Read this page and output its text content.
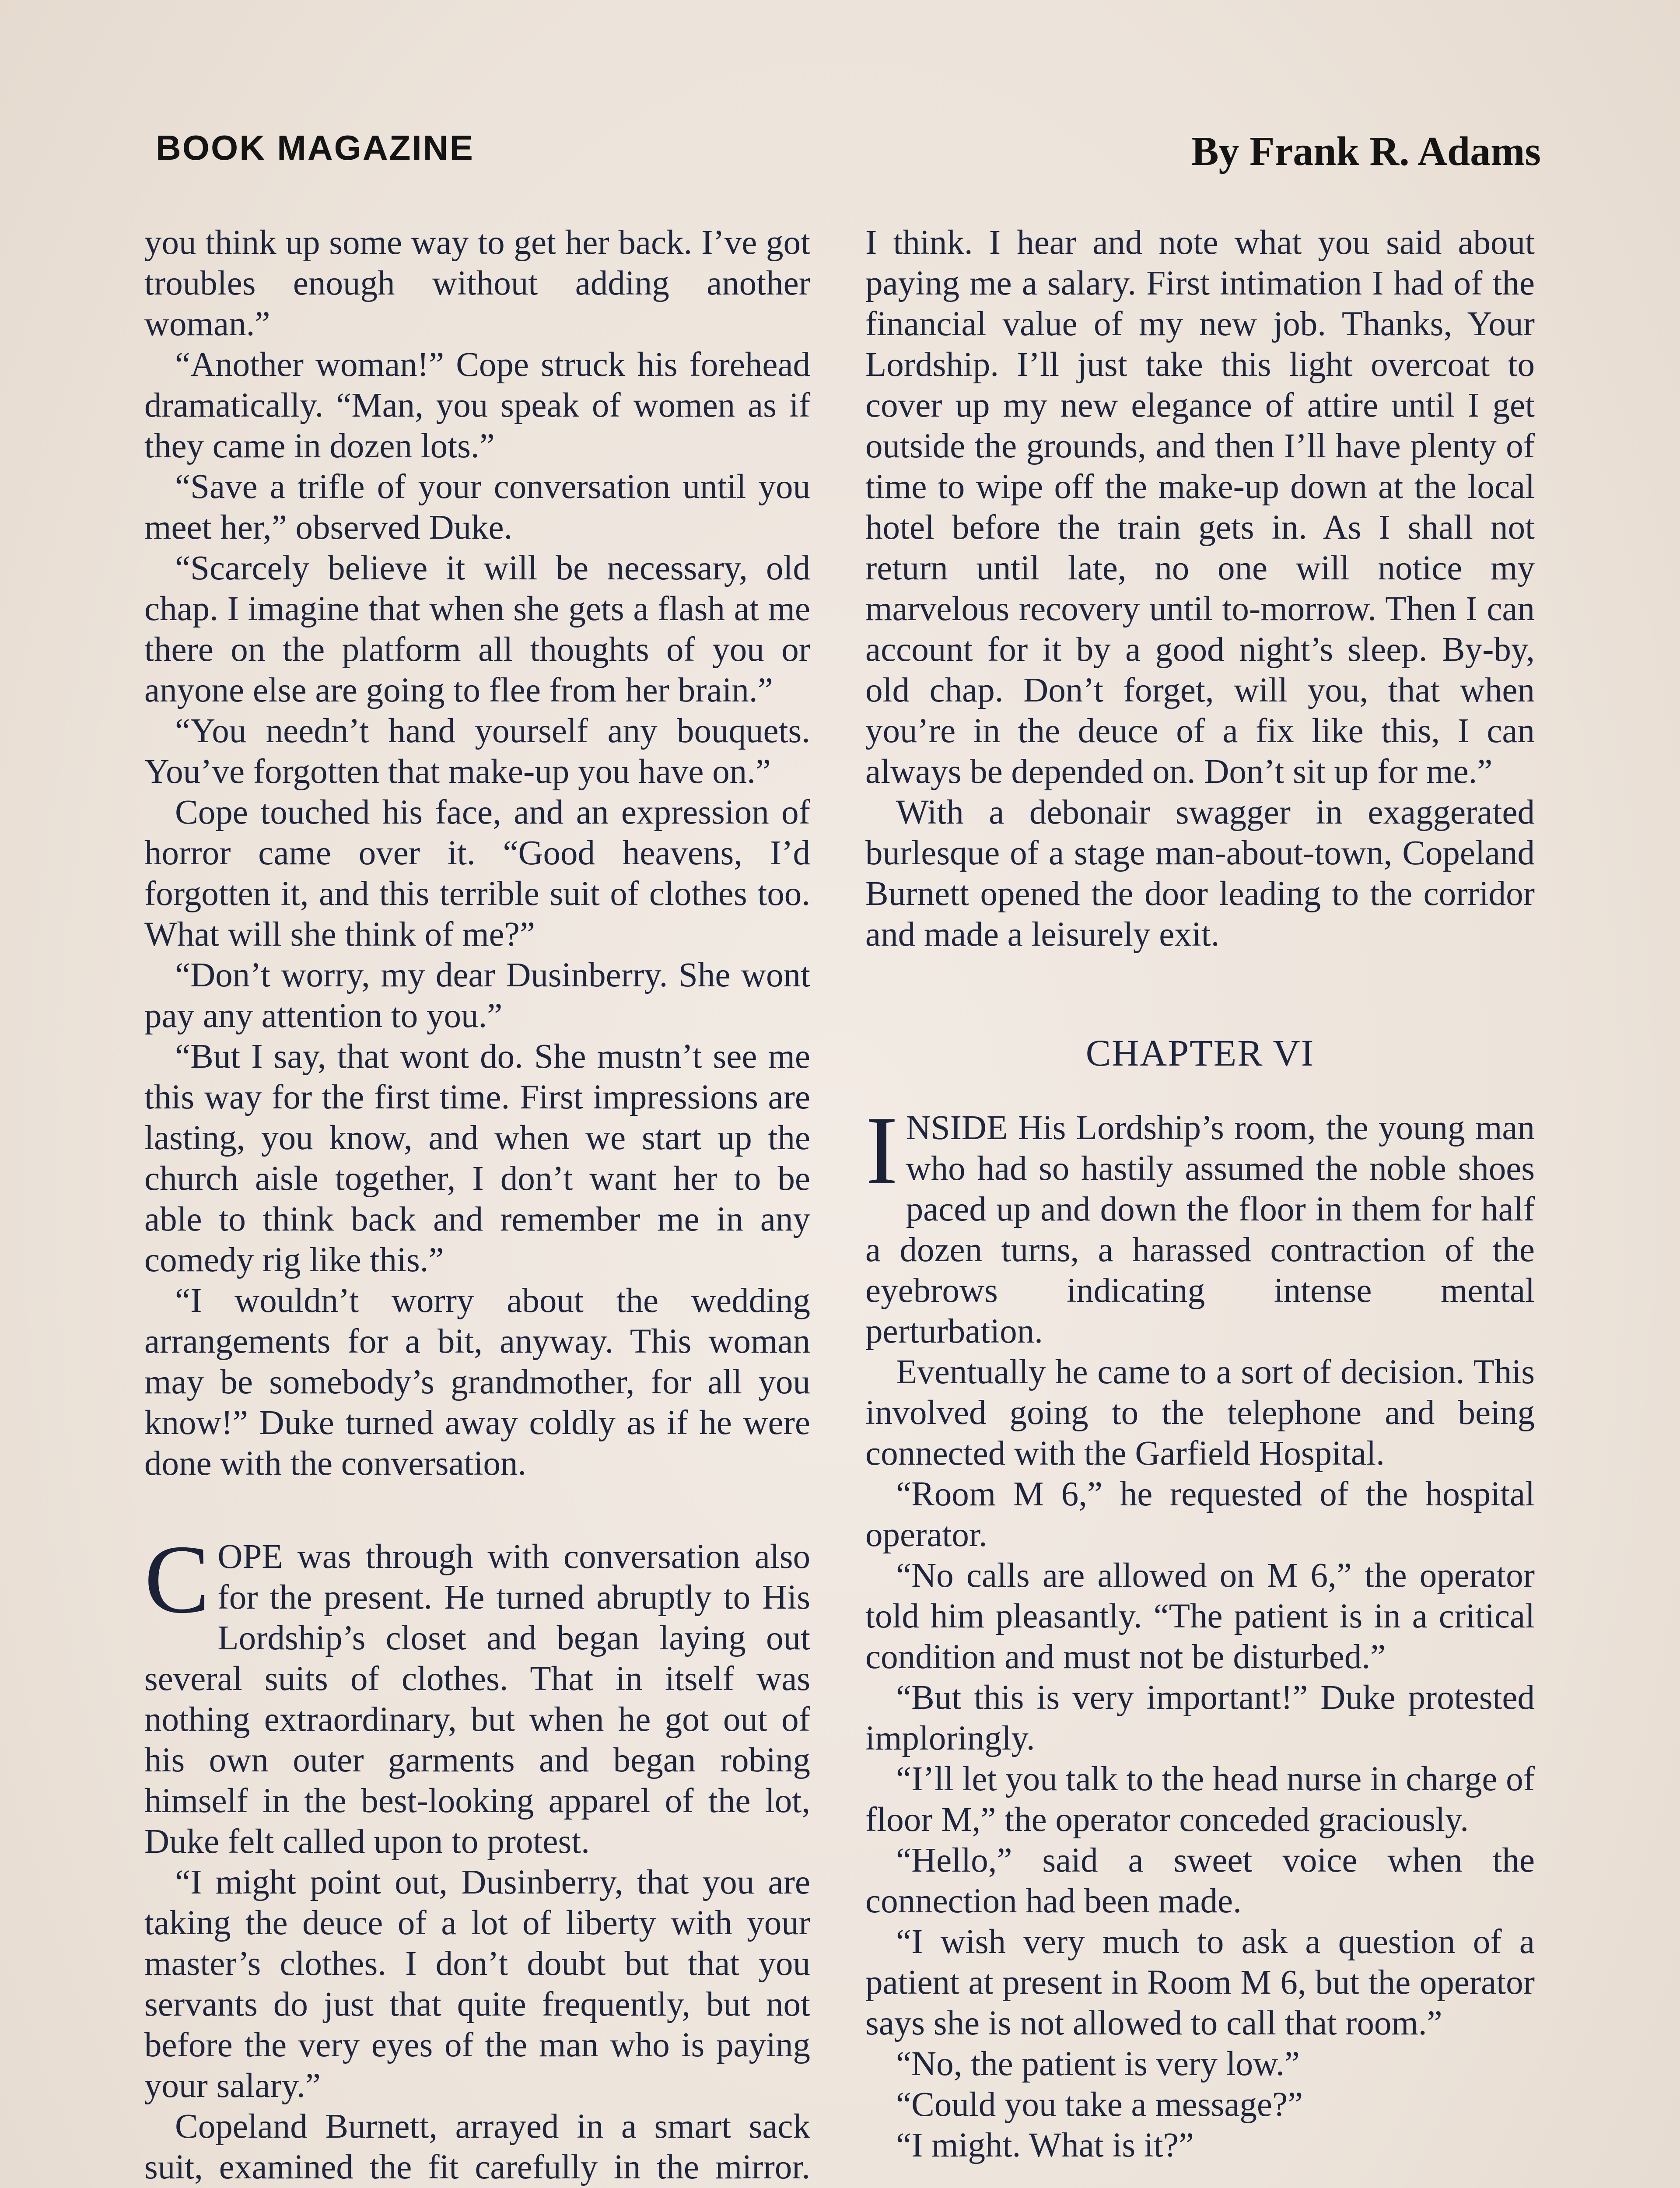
BOOK MAGAZINE	By Frank R. Adams

you think up some way to get her back. I’ve got troubles enough without adding another woman.”

“Another woman!” Cope struck his forehead dramatically. “Man, you speak of women as if they came in dozen lots.”

“Save a trifle of your conversation until you meet her,” observed Duke.

“Scarcely believe it will be necessary, old chap. I imagine that when she gets a flash at me there on the platform all thoughts of you or anyone else are going to flee from her brain.”

“You needn’t hand yourself any bouquets. You’ve forgotten that make-up you have on.”

Cope touched his face, and an expression of horror came over it. “Good heavens, I’d forgotten it, and this terrible suit of clothes too. What will she think of me?”

“Don’t worry, my dear Dusinberry. She wont pay any attention to you.”

“But I say, that wont do. She mustn’t see me this way for the first time. First impressions are lasting, you know, and when we start up the church aisle together, I don’t want her to be able to think back and remember me in any comedy rig like this.”

“I wouldn’t worry about the wedding arrangements for a bit, anyway. This woman may be somebody’s grandmother, for all you know!” Duke turned away coldly as if he were done with the conversation.

COPE was through with conversation also for the present. He turned abruptly to His Lordship’s closet and began laying out several suits of clothes. That in itself was nothing extraordinary, but when he got out of his own outer garments and began robing himself in the best-looking apparel of the lot, Duke felt called upon to protest.

“I might point out, Dusinberry, that you are taking the deuce of a lot of liberty with your master’s clothes. I don’t doubt but that you servants do just that quite frequently, but not before the very eyes of the man who is paying your salary.”

Copeland Burnett, arrayed in a smart sack suit, examined the fit carefully in the mirror.

I think. I hear and note what you said about paying me a salary. First intimation I had of the financial value of my new job. Thanks, Your Lordship. I’ll just take this light overcoat to cover up my new elegance of attire until I get outside the grounds, and then I’ll have plenty of time to wipe off the make-up down at the local hotel before the train gets in. As I shall not return until late, no one will notice my marvelous recovery until to-morrow. Then I can account for it by a good night’s sleep. By-by, old chap. Don’t forget, will you, that when you’re in the deuce of a fix like this, I can always be depended on. Don’t sit up for me.”

With a debonair swagger in exaggerated burlesque of a stage man-about-town, Copeland Burnett opened the door leading to the corridor and made a leisurely exit.

CHAPTER VI

INSIDE His Lordship’s room, the young man who had so hastily assumed the noble shoes paced up and down the floor in them for half a dozen turns, a harassed contraction of the eyebrows indicating intense mental perturbation.

Eventually he came to a sort of decision. This involved going to the telephone and being connected with the Garfield Hospital.

“Room M 6,” he requested of the hospital operator.

“No calls are allowed on M 6,” the operator told him pleasantly. “The patient is in a critical condition and must not be disturbed.”

“But this is very important!” Duke protested imploringly.

“I’ll let you talk to the head nurse in charge of floor M,” the operator conceded graciously.

“Hello,” said a sweet voice when the connection had been made.

“I wish very much to ask a question of a patient at present in Room M 6, but the operator says she is not allowed to call that room.”

“No, the patient is very low.”

“Could you take a message?”

“I might. What is it?”
